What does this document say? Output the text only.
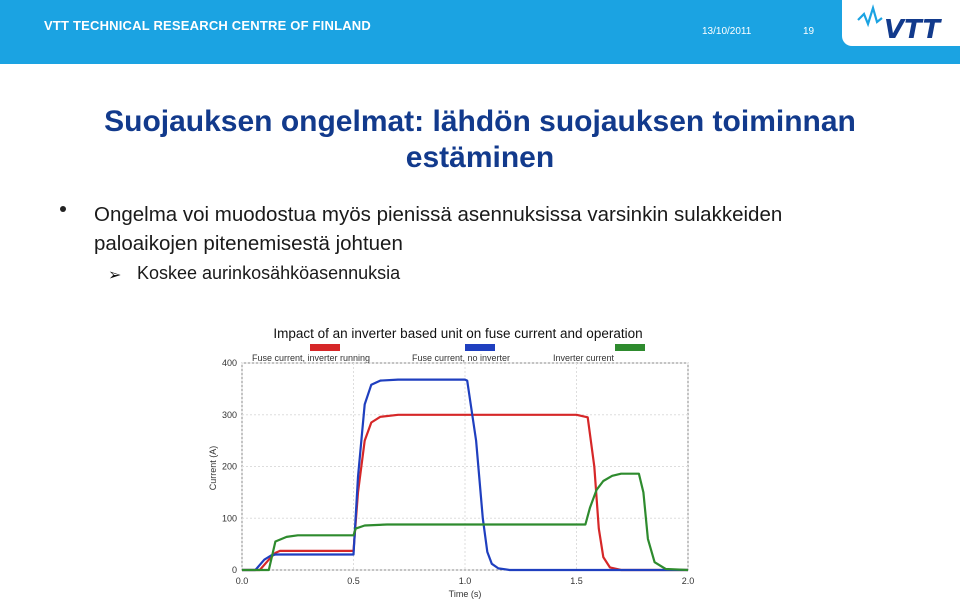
VTT TECHNICAL RESEARCH CENTRE OF FINLAND	13/10/2011	19	VTT
Suojauksen ongelmat: lähdön suojauksen toiminnan estäminen
Ongelma voi muodostua myös pienissä asennuksissa varsinkin sulakkeiden paloaikojen pitenemisestä johtuen
➢ Koskee aurinkosähköasennuksia
Impact of an inverter based unit on fuse current and operation
Fuse current, inverter running	Fuse current, no inverter	Inverter current
0.0	0.5	1.0	1.5	2.0
0
100
200
300
400
Time (s)
Current (A)
